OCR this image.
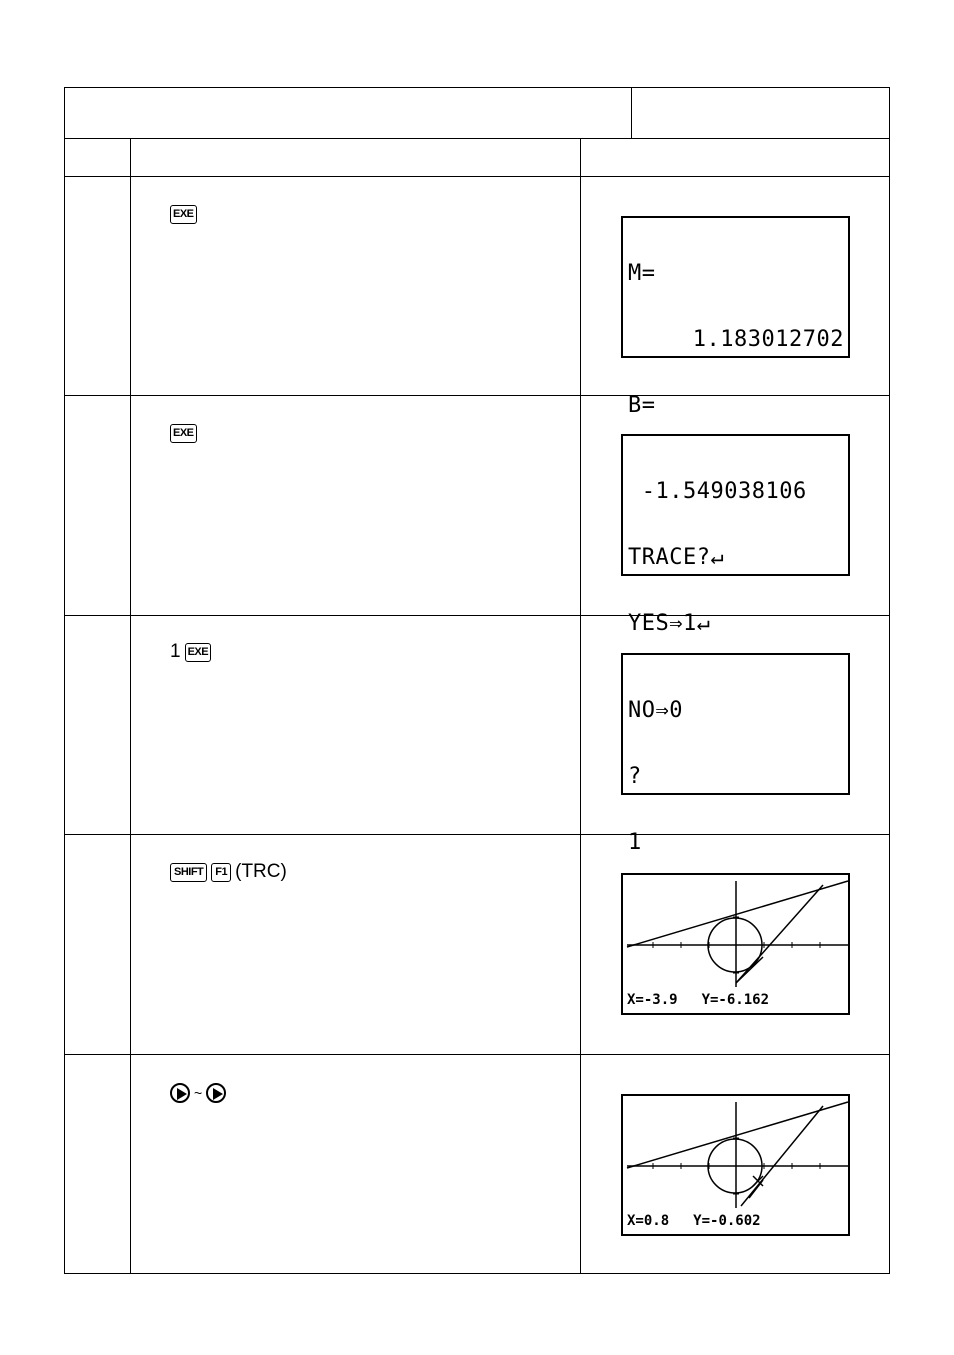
EXE

M=

1.183012702

B=

EXE

-1.549038106

TRACE?↵

YES⇒1↵

1 EXE

NO⇒0

?

1

SHIFT	F1 (TRC)
X=-3.9 Y=-6.162
~
X=0.8 Y=-0.602
